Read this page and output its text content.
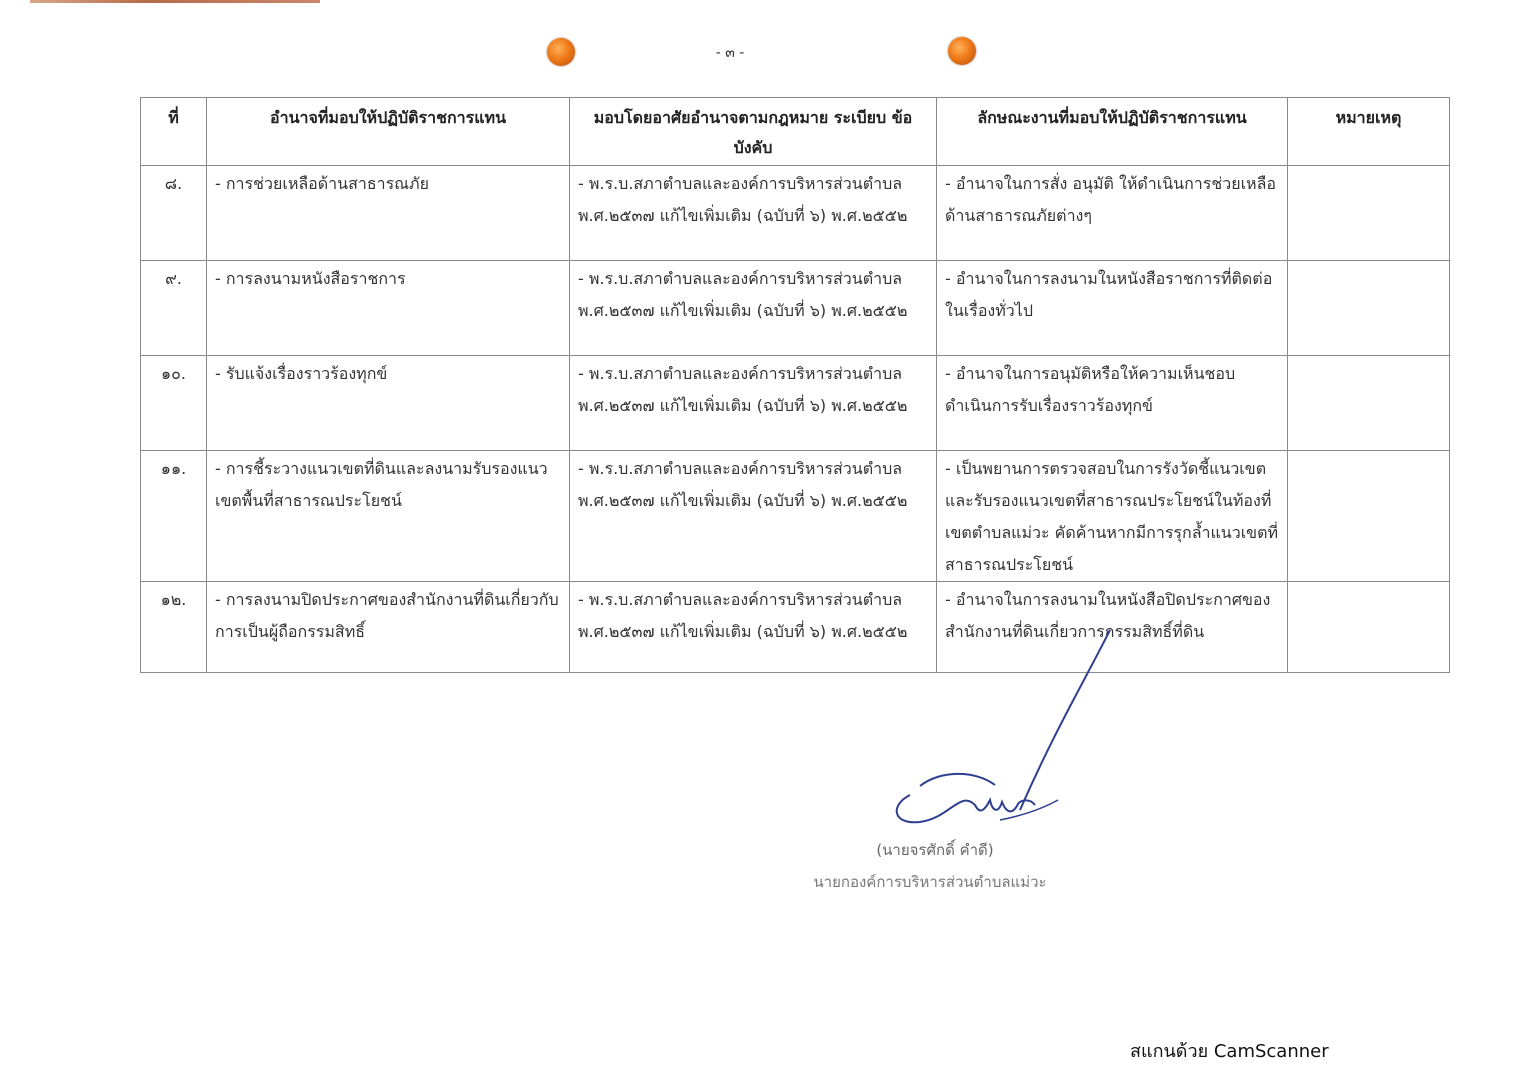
- ๓ -
ที่	อำนาจที่มอบให้ปฏิบัติราชการแทน	มอบโดยอาศัยอำนาจตามกฎหมาย ระเบียบ ข้อบังคับ	ลักษณะงานที่มอบให้ปฏิบัติราชการแทน	หมายเหตุ
๘.	- การช่วยเหลือด้านสาธารณภัย	- พ.ร.บ.สภาตำบลและองค์การบริหารส่วนตำบล พ.ศ.๒๕๓๗ แก้ไขเพิ่มเติม (ฉบับที่ ๖) พ.ศ.๒๕๕๒	- อำนาจในการสั่ง อนุมัติ ให้ดำเนินการช่วยเหลือด้านสาธารณภัยต่างๆ	
๙.	- การลงนามหนังสือราชการ	- พ.ร.บ.สภาตำบลและองค์การบริหารส่วนตำบล พ.ศ.๒๕๓๗ แก้ไขเพิ่มเติม (ฉบับที่ ๖) พ.ศ.๒๕๕๒	- อำนาจในการลงนามในหนังสือราชการที่ติดต่อในเรื่องทั่วไป	
๑๐.	- รับแจ้งเรื่องราวร้องทุกข์	- พ.ร.บ.สภาตำบลและองค์การบริหารส่วนตำบล พ.ศ.๒๕๓๗ แก้ไขเพิ่มเติม (ฉบับที่ ๖) พ.ศ.๒๕๕๒	- อำนาจในการอนุมัติหรือให้ความเห็นชอบดำเนินการรับเรื่องราวร้องทุกข์	
๑๑.	- การชี้ระวางแนวเขตที่ดินและลงนามรับรองแนวเขตพื้นที่สาธารณประโยชน์	- พ.ร.บ.สภาตำบลและองค์การบริหารส่วนตำบล พ.ศ.๒๕๓๗ แก้ไขเพิ่มเติม (ฉบับที่ ๖) พ.ศ.๒๕๕๒	- เป็นพยานการตรวจสอบในการรังวัดชี้แนวเขตและรับรองแนวเขตที่สาธารณประโยชน์ในท้องที่เขตตำบลแม่วะ คัดค้านหากมีการรุกล้ำแนวเขตที่สาธารณประโยชน์	
๑๒.	- การลงนามปิดประกาศของสำนักงานที่ดินเกี่ยวกับการเป็นผู้ถือกรรมสิทธิ์	- พ.ร.บ.สภาตำบลและองค์การบริหารส่วนตำบล พ.ศ.๒๕๓๗ แก้ไขเพิ่มเติม (ฉบับที่ ๖) พ.ศ.๒๕๕๒	- อำนาจในการลงนามในหนังสือปิดประกาศของสำนักงานที่ดินเกี่ยวการกรรมสิทธิ์ที่ดิน	
(นายจรศักดิ์ คำดี)
นายกองค์การบริหารส่วนตำบลแม่วะ
สแกนด้วย CamScanner
